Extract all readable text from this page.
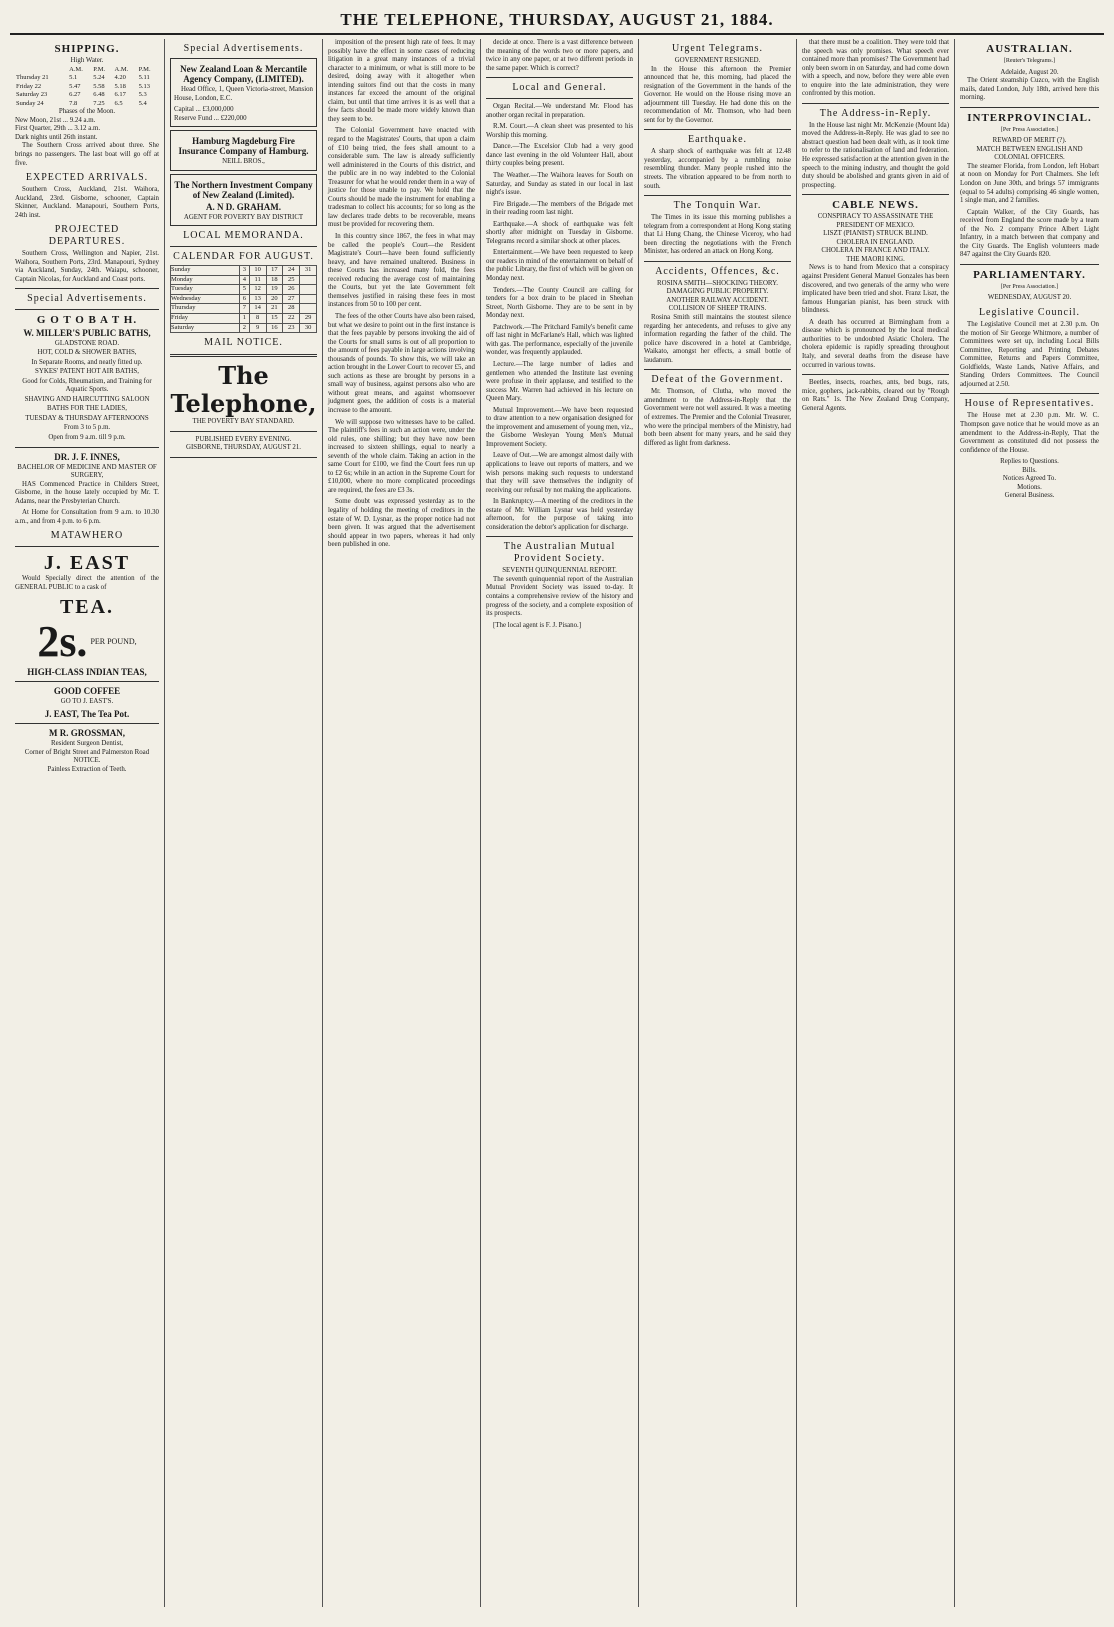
THE TELEPHONE, THURSDAY, AUGUST 21, 1884.
SHIPPING.
High Water.
	A.M.	P.M.	A.M.	P.M.
Thursday 21	5.1	5.24	4.20	5.11
Friday 22	5.47	5.58	5.18	5.13
Saturday 23	6.27	6.48	6.17	5.3
Sunday 24	7.8	7.25	6.5	5.4
Phases of the Moon.
New Moon, 21st ... 9.24 a.m.
First Quarter, 29th ... 3.12 a.m.
Dark nights until 26th instant.

The Southern Cross arrived about three. She brings no passengers. The last boat will go off at five.

EXPECTED ARRIVALS.

Southern Cross, Auckland, 21st. Waihora, Auckland, 23rd. Gisborne, schooner, Captain Skinner, Auckland. Manapouri, Southern Ports, 24th inst.

PROJECTED DEPARTURES.

Southern Cross, Wellington and Napier, 21st. Waihora, Southern Ports, 23rd. Manapouri, Sydney via Auckland, Sunday, 24th. Waiapu, schooner, Captain Nicolas, for Auckland and Coast ports.

Special Advertisements.
G O T O B A T H.
W. MILLER'S PUBLIC BATHS,
GLADSTONE ROAD.
HOT, COLD & SHOWER BATHS,
In Separate Rooms, and neatly fitted up.
SYKES' PATENT HOT AIR BATHS,
Good for Colds, Rheumatism, and Training for Aquatic Sports.
SHAVING AND HAIRCUTTING SALOON
BATHS FOR THE LADIES,
TUESDAY & THURSDAY AFTERNOONS
From 3 to 5 p.m.
Open from 9 a.m. till 9 p.m.
DR. J. F. INNES,
BACHELOR OF MEDICINE AND MASTER OF SURGERY,

HAS Commenced Practice in Childers Street, Gisborne, in the house lately occupied by Mr. T. Adams, near the Presbyterian Church.

At Home for Consultation from 9 a.m. to 10.30 a.m., and from 4 p.m. to 6 p.m.

MATAWHERO
J. EAST

Would Specially direct the attention of the GENERAL PUBLIC to a cask of

TEA.
2s. PER POUND,
HIGH-CLASS INDIAN TEAS,
GOOD COFFEE
GO TO J. EAST'S.
J. EAST, The Tea Pot.
M R. GROSSMAN,
Resident Surgeon Dentist,
Corner of Bright Street and Palmerston Road
NOTICE.
Painless Extraction of Teeth.
Special Advertisements.
New Zealand Loan & Mercantile Agency Company, (LIMITED).

Head Office, 1, Queen Victoria-street, Mansion House, London, E.C.

Capital ... £3,000,000
Reserve Fund ... £220,000
Hamburg Magdeburg Fire Insurance Company of Hamburg.
NEILL BROS.,
The Northern Investment Company of New Zealand (Limited).
A. N D. GRAHAM.
AGENT FOR POVERTY BAY DISTRICT
LOCAL MEMORANDA.
CALENDAR FOR AUGUST.
Sunday	3	10	17	24	31
Monday	4	11	18	25	
Tuesday	5	12	19	26	
Wednesday	6	13	20	27	
Thursday	7	14	21	28	
Friday	1	8	15	22	29
Saturday	2	9	16	23	30
MAIL NOTICE.
The Telephone,
THE POVERTY BAY STANDARD.
PUBLISHED EVERY EVENING.
GISBORNE, THURSDAY, AUGUST 21.

imposition of the present high rate of fees. It may possibly have the effect in some cases of reducing litigation in a great many instances of a trivial character to a minimum, or what is still more to be desired, doing away with it altogether when intending suitors find out that the costs in many instances far exceed the amount of the original claim, but until that time arrives it is as well that a few facts should be made more widely known than they seem to be.

The Colonial Government have enacted with regard to the Magistrates' Courts, that upon a claim of £10 being tried, the fees shall amount to a considerable sum. The law is already sufficiently well administered in the Courts of this district, and the public are in no way indebted to the Colonial Treasurer for what he would render them in a way of justice for those unable to pay. We hold that the Courts should be made the instrument for enabling a tradesman to collect his accounts; for so long as the law declares trade debts to be recoverable, means must be provided for recovering them.

In this country since 1867, the fees in what may be called the people's Court—the Resident Magistrate's Court—have been found sufficiently heavy, and have remained unaltered. Business in these Courts has increased many fold, the fees received reducing the average cost of maintaining the Courts, but yet the late Government felt themselves justified in raising these fees in most instances from 50 to 100 per cent.

The fees of the other Courts have also been raised, but what we desire to point out in the first instance is that the fees payable by persons invoking the aid of the Courts for small sums is out of all proportion to the amount of fees payable in large actions involving thousands of pounds. To show this, we will take an action brought in the Lower Court to recover £5, and such actions as these are brought by persons in a small way of business, against persons also who are without great means, and against whomsoever judgment goes, the addition of costs is a material increase to the amount.

We will suppose two witnesses have to be called. The plaintiff's fees in such an action were, under the old rules, one shilling; but they have now been increased to sixteen shillings, equal to nearly a seventh of the whole claim. Taking an action in the same Court for £100, we find the Court fees run up to £2 6s; while in an action in the Supreme Court for £10,000, where no more complicated proceedings are required, the fees are £3 3s.

Some doubt was expressed yesterday as to the legality of holding the meeting of creditors in the estate of W. D. Lysnar, as the proper notice had not been given. It was argued that the advertisement should appear in two papers, whereas it had only been published in one.

decide at once. There is a vast difference between the meaning of the words two or more papers, and twice in any one paper, or at two different periods in the same paper. Which is correct?

Local and General.

Organ Recital.—We understand Mr. Flood has another organ recital in preparation.

R.M. Court.—A clean sheet was presented to his Worship this morning.

Dance.—The Excelsior Club had a very good dance last evening in the old Volunteer Hall, about thirty couples being present.

The Weather.—The Waihora leaves for South on Saturday, and Sunday as stated in our local in last night's issue.

Fire Brigade.—The members of the Brigade met in their reading room last night.

Earthquake.—A shock of earthquake was felt shortly after midnight on Tuesday in Gisborne. Telegrams record a similar shock at other places.

Entertainment.—We have been requested to keep our readers in mind of the entertainment on behalf of the public Library, the first of which will be given on Monday next.

Tenders.—The County Council are calling for tenders for a box drain to be placed in Sheehan Street, North Gisborne. They are to be sent in by Monday next.

Patchwork.—The Pritchard Family's benefit came off last night in McFarlane's Hall, which was lighted with gas. The performance, especially of the juvenile wonder, was frequently applauded.

Lecture.—The large number of ladies and gentlemen who attended the Institute last evening were profuse in their applause, and testified to the success Mr. Warren had achieved in his lecture on Queen Mary.

Mutual Improvement.—We have been requested to draw attention to a new organisation designed for the improvement and amusement of young men, viz., the Gisborne Wesleyan Young Men's Mutual Improvement Society.

Leave of Out.—We are amongst almost daily with applications to leave out reports of matters, and we wish persons making such requests to understand that they will save themselves the indignity of receiving our refusal by not making the applications.

In Bankruptcy.—A meeting of the creditors in the estate of Mr. William Lysnar was held yesterday afternoon, for the purpose of taking into consideration the debtor's application for discharge.

The Australian Mutual Provident Society.
SEVENTH QUINQUENNIAL REPORT.

The seventh quinquennial report of the Australian Mutual Provident Society was issued to-day. It contains a comprehensive review of the history and progress of the society, and a complete exposition of its prospects.

[The local agent is F. J. Pisano.]

Urgent Telegrams.
GOVERNMENT RESIGNED.

In the House this afternoon the Premier announced that he, this morning, had placed the resignation of the Government in the hands of the Governor. He would on the House rising move an adjournment till Tuesday. He had done this on the recommendation of Mr. Thomson, who had been sent for by the Governor.

Earthquake.

A sharp shock of earthquake was felt at 12.48 yesterday, accompanied by a rumbling noise resembling thunder. Many people rushed into the streets. The vibration appeared to be from north to south.

The Tonquin War.

The Times in its issue this morning publishes a telegram from a correspondent at Hong Kong stating that Li Hung Chang, the Chinese Viceroy, who had been directing the negotiations with the French Minister, has ordered an attack on Hong Kong.

Accidents, Offences, &c.
ROSINA SMITH—SHOCKING THEORY.
DAMAGING PUBLIC PROPERTY.
ANOTHER RAILWAY ACCIDENT.
COLLISION OF SHEEP TRAINS.

Rosina Smith still maintains the stoutest silence regarding her antecedents, and refuses to give any information regarding the father of the child. The police have discovered in a hotel at Cambridge, Waikato, amongst her effects, a small bottle of laudanum.

Defeat of the Government.

Mr. Thomson, of Clutha, who moved the amendment to the Address-in-Reply that the Government were not well assured. It was a meeting of extremes. The Premier and the Colonial Treasurer, who were the principal members of the Ministry, had both been absent for many years, and he said they differed as light from darkness.

that there must be a coalition. They were told that the speech was only promises. What speech ever contained more than promises? The Government had only been sworn in on Saturday, and had come down with a speech, and now, before they were able even to enquire into the late administration, they were confronted by this motion.

The Address-in-Reply.

In the House last night Mr. McKenzie (Mount Ida) moved the Address-in-Reply. He was glad to see no abstract question had been dealt with, as it took time to refer to the rationalisation of land and federation. He expressed satisfaction at the attention given in the speech to the mining industry, and thought the gold duty should be abolished and grants given in aid of prospecting.

CABLE NEWS.
CONSPIRACY TO ASSASSINATE THE PRESIDENT OF MEXICO.
LISZT (PIANIST) STRUCK BLIND.
CHOLERA IN ENGLAND.
CHOLERA IN FRANCE AND ITALY.
THE MAORI KING.

News is to hand from Mexico that a conspiracy against President General Manuel Gonzales has been discovered, and two generals of the army who were implicated have been tried and shot. Franz Liszt, the famous Hungarian pianist, has been struck with blindness.

A death has occurred at Birmingham from a disease which is pronounced by the local medical authorities to be undoubted Asiatic Cholera. The cholera epidemic is rapidly spreading throughout Italy, and several deaths from the disease have occurred in various towns.

Beetles, insects, roaches, ants, bed bugs, rats, mice, gophers, jack-rabbits, cleared out by "Rough on Rats." 1s. The New Zealand Drug Company, General Agents.

AUSTRALIAN.
[Reuter's Telegrams.]
Adelaide, August 20.

The Orient steamship Cuzco, with the English mails, dated London, July 18th, arrived here this morning.

INTERPROVINCIAL.
[Per Press Association.]
REWARD OF MERIT (?).
MATCH BETWEEN ENGLISH AND COLONIAL OFFICERS.

The steamer Florida, from London, left Hobart at noon on Monday for Port Chalmers. She left London on June 30th, and brings 57 immigrants (equal to 54 adults) comprising 46 single women, 1 single man, and 2 families.

Captain Walker, of the City Guards, has received from England the score made by a team of the No. 2 company Prince Albert Light Infantry, in a match between that company and the City Guards. The English volunteers made 847 against the City Guards 820.

PARLIAMENTARY.
[Per Press Association.]
WEDNESDAY, AUGUST 20.
Legislative Council.

The Legislative Council met at 2.30 p.m. On the motion of Sir George Whitmore, a number of Committees were set up, including Local Bills Committee, Reporting and Printing Debates Committee, Returns and Papers Committee, Goldfields, Waste Lands, Native Affairs, and Standing Orders Committees. The Council adjourned at 2.50.

House of Representatives.

The House met at 2.30 p.m. Mr. W. C. Thompson gave notice that he would move as an amendment to the Address-in-Reply, That the Government as constituted did not possess the confidence of the House.

Replies to Questions.
Bills.
Notices Agreed To.
Motions.
General Business.
